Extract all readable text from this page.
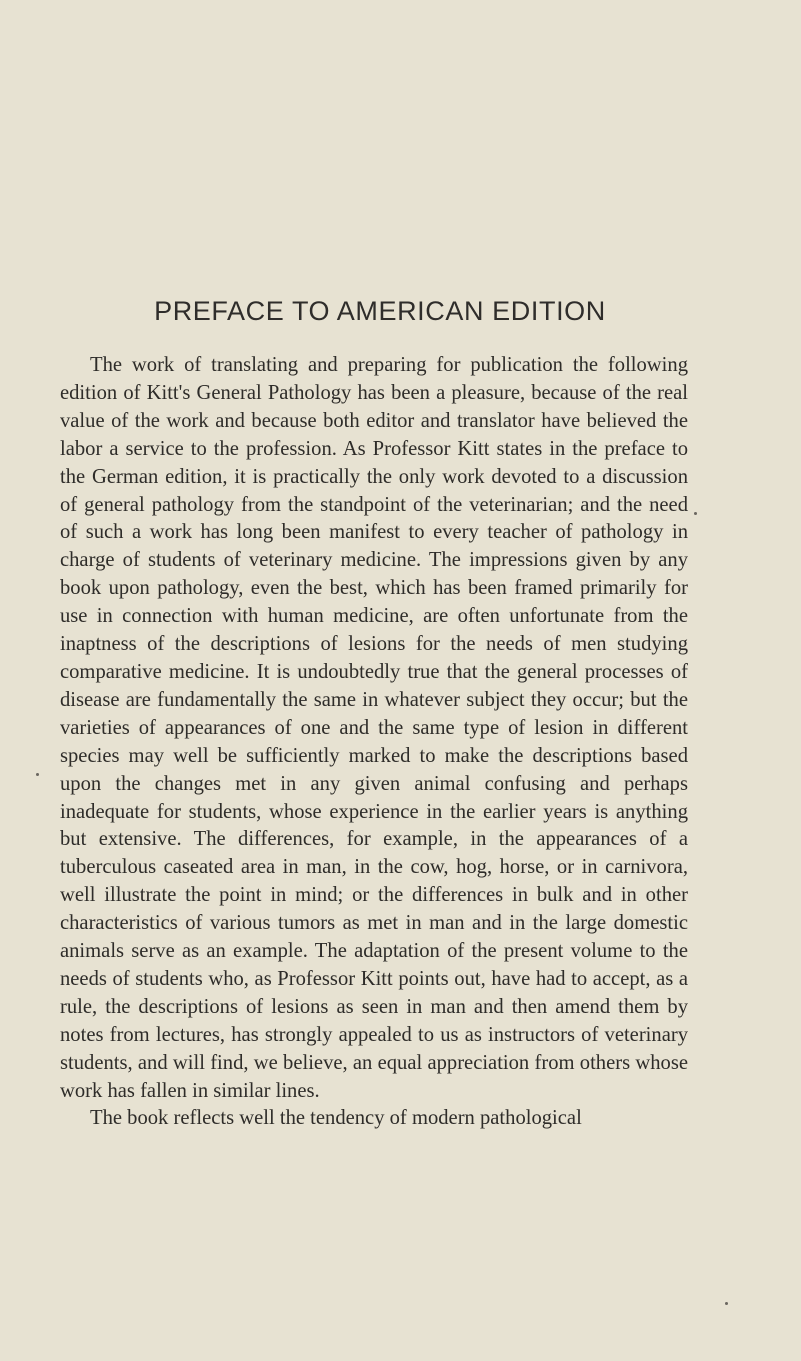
PREFACE TO AMERICAN EDITION

The work of translating and preparing for publication the following edition of Kitt's General Pathology has been a pleasure, because of the real value of the work and because both editor and translator have believed the labor a service to the profession. As Professor Kitt states in the preface to the German edition, it is practically the only work devoted to a discussion of general pathology from the standpoint of the veterinarian; and the need of such a work has long been manifest to every teacher of pathology in charge of students of veterinary medicine. The impressions given by any book upon pathology, even the best, which has been framed primarily for use in connection with human medicine, are often unfortunate from the inaptness of the descriptions of lesions for the needs of men studying comparative medicine. It is undoubtedly true that the general processes of disease are fundamentally the same in whatever subject they occur; but the varieties of appearances of one and the same type of lesion in different species may well be sufficiently marked to make the descriptions based upon the changes met in any given animal confusing and perhaps inadequate for students, whose experience in the earlier years is anything but extensive. The differences, for example, in the appearances of a tuberculous caseated area in man, in the cow, hog, horse, or in carnivora, well illustrate the point in mind; or the differences in bulk and in other characteristics of various tumors as met in man and in the large domestic animals serve as an example. The adaptation of the present volume to the needs of students who, as Professor Kitt points out, have had to accept, as a rule, the descriptions of lesions as seen in man and then amend them by notes from lectures, has strongly appealed to us as instructors of veterinary students, and will find, we believe, an equal appreciation from others whose work has fallen in similar lines.

The book reflects well the tendency of modern pathological
